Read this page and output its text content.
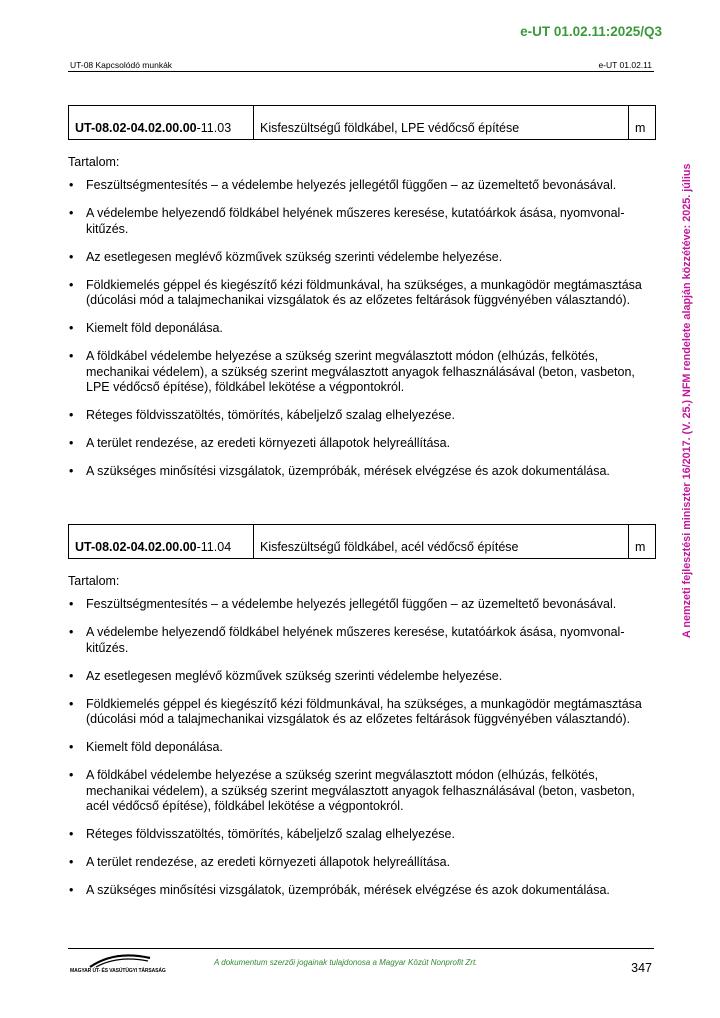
e-UT 01.02.11:2025/Q3
UT-08 Kapcsolódó munkák	e-UT 01.02.11
A nemzeti fejlesztési miniszter 16/2017. (V. 25.) NFM rendelete alapján közzétéve: 2025. július
UT-08.02-04.02.00.00-11.03	Kisfeszültségű földkábel, LPE védőcső építése	m
Tartalom:
• Feszültségmentesítés – a védelembe helyezés jellegétől függően – az üzemeltető bevonásával.
• A védelembe helyezendő földkábel helyének műszeres keresése, kutatóárkok ásása, nyomvonal-kitűzés.
• Az esetlegesen meglévő közművek szükség szerinti védelembe helyezése.
• Földkiemelés géppel és kiegészítő kézi földmunkával, ha szükséges, a munkagödör megtámasztása (dúcolási mód a talajmechanikai vizsgálatok és az előzetes feltárások függvényében választandó).
• Kiemelt föld deponálása.
• A földkábel védelembe helyezése a szükség szerint megválasztott módon (elhúzás, felkötés, mechanikai védelem), a szükség szerint megválasztott anyagok felhasználásával (beton, vasbeton, LPE védőcső építése), földkábel lekötése a végpontokról.
• Réteges földvisszatöltés, tömörítés, kábeljelző szalag elhelyezése.
• A terület rendezése, az eredeti környezeti állapotok helyreállítása.
• A szükséges minősítési vizsgálatok, üzempróbák, mérések elvégzése és azok dokumentálása.
UT-08.02-04.02.00.00-11.04	Kisfeszültségű földkábel, acél védőcső építése	m
Tartalom:
• Feszültségmentesítés – a védelembe helyezés jellegétől függően – az üzemeltető bevonásával.
• A védelembe helyezendő földkábel helyének műszeres keresése, kutatóárkok ásása, nyomvonal-kitűzés.
• Az esetlegesen meglévő közművek szükség szerinti védelembe helyezése.
• Földkiemelés géppel és kiegészítő kézi földmunkával, ha szükséges, a munkagödör megtámasztása (dúcolási mód a talajmechanikai vizsgálatok és az előzetes feltárások függvényében választandó).
• Kiemelt föld deponálása.
• A földkábel védelembe helyezése a szükség szerint megválasztott módon (elhúzás, felkötés, mechanikai védelem), a szükség szerint megválasztott anyagok felhasználásával (beton, vasbeton, acél védőcső építése), földkábel lekötése a végpontokról.
• Réteges földvisszatöltés, tömörítés, kábeljelző szalag elhelyezése.
• A terület rendezése, az eredeti környezeti állapotok helyreállítása.
• A szükséges minősítési vizsgálatok, üzempróbák, mérések elvégzése és azok dokumentálása.
MAGYAR ÚT- ÉS VASÚTÜGYI TÁRSASÁG
A dokumentum szerzői jogainak tulajdonosa a Magyar Közút Nonprofit Zrt.	347
